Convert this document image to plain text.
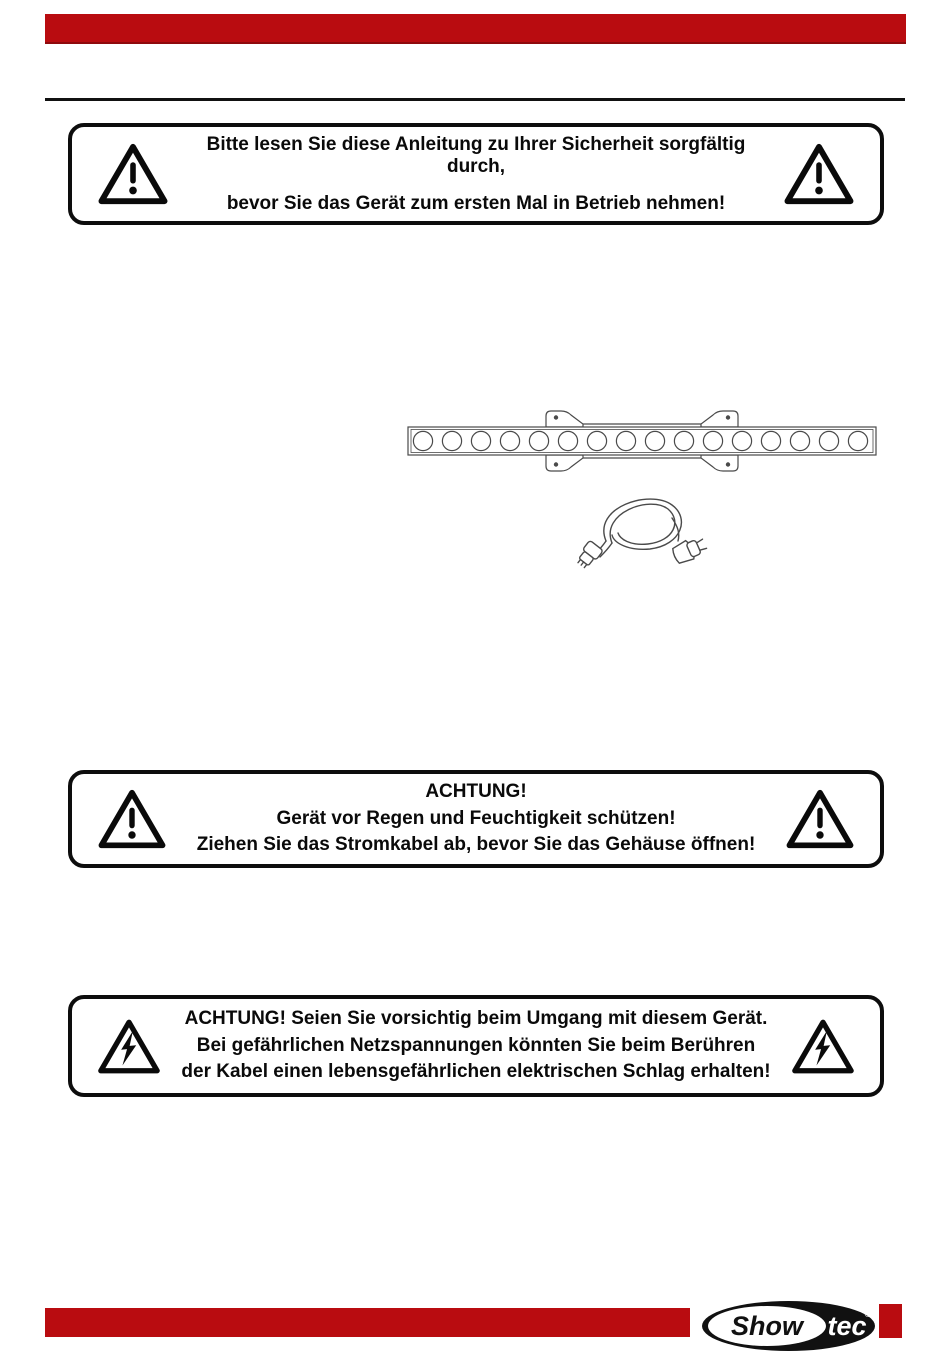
Bitte lesen Sie diese Anleitung zu Ihrer Sicherheit sorgfältig durch,
bevor Sie das Gerät zum ersten Mal in Betrieb nehmen!
ACHTUNG!
Gerät vor Regen und Feuchtigkeit schützen!
Ziehen Sie das Stromkabel ab, bevor Sie das Gehäuse öffnen!
ACHTUNG! Seien Sie vorsichtig beim Umgang mit diesem Gerät.
Bei gefährlichen Netzspannungen könnten Sie beim Berühren
der Kabel einen lebensgefährlichen elektrischen Schlag erhalten!
Show tec
®
